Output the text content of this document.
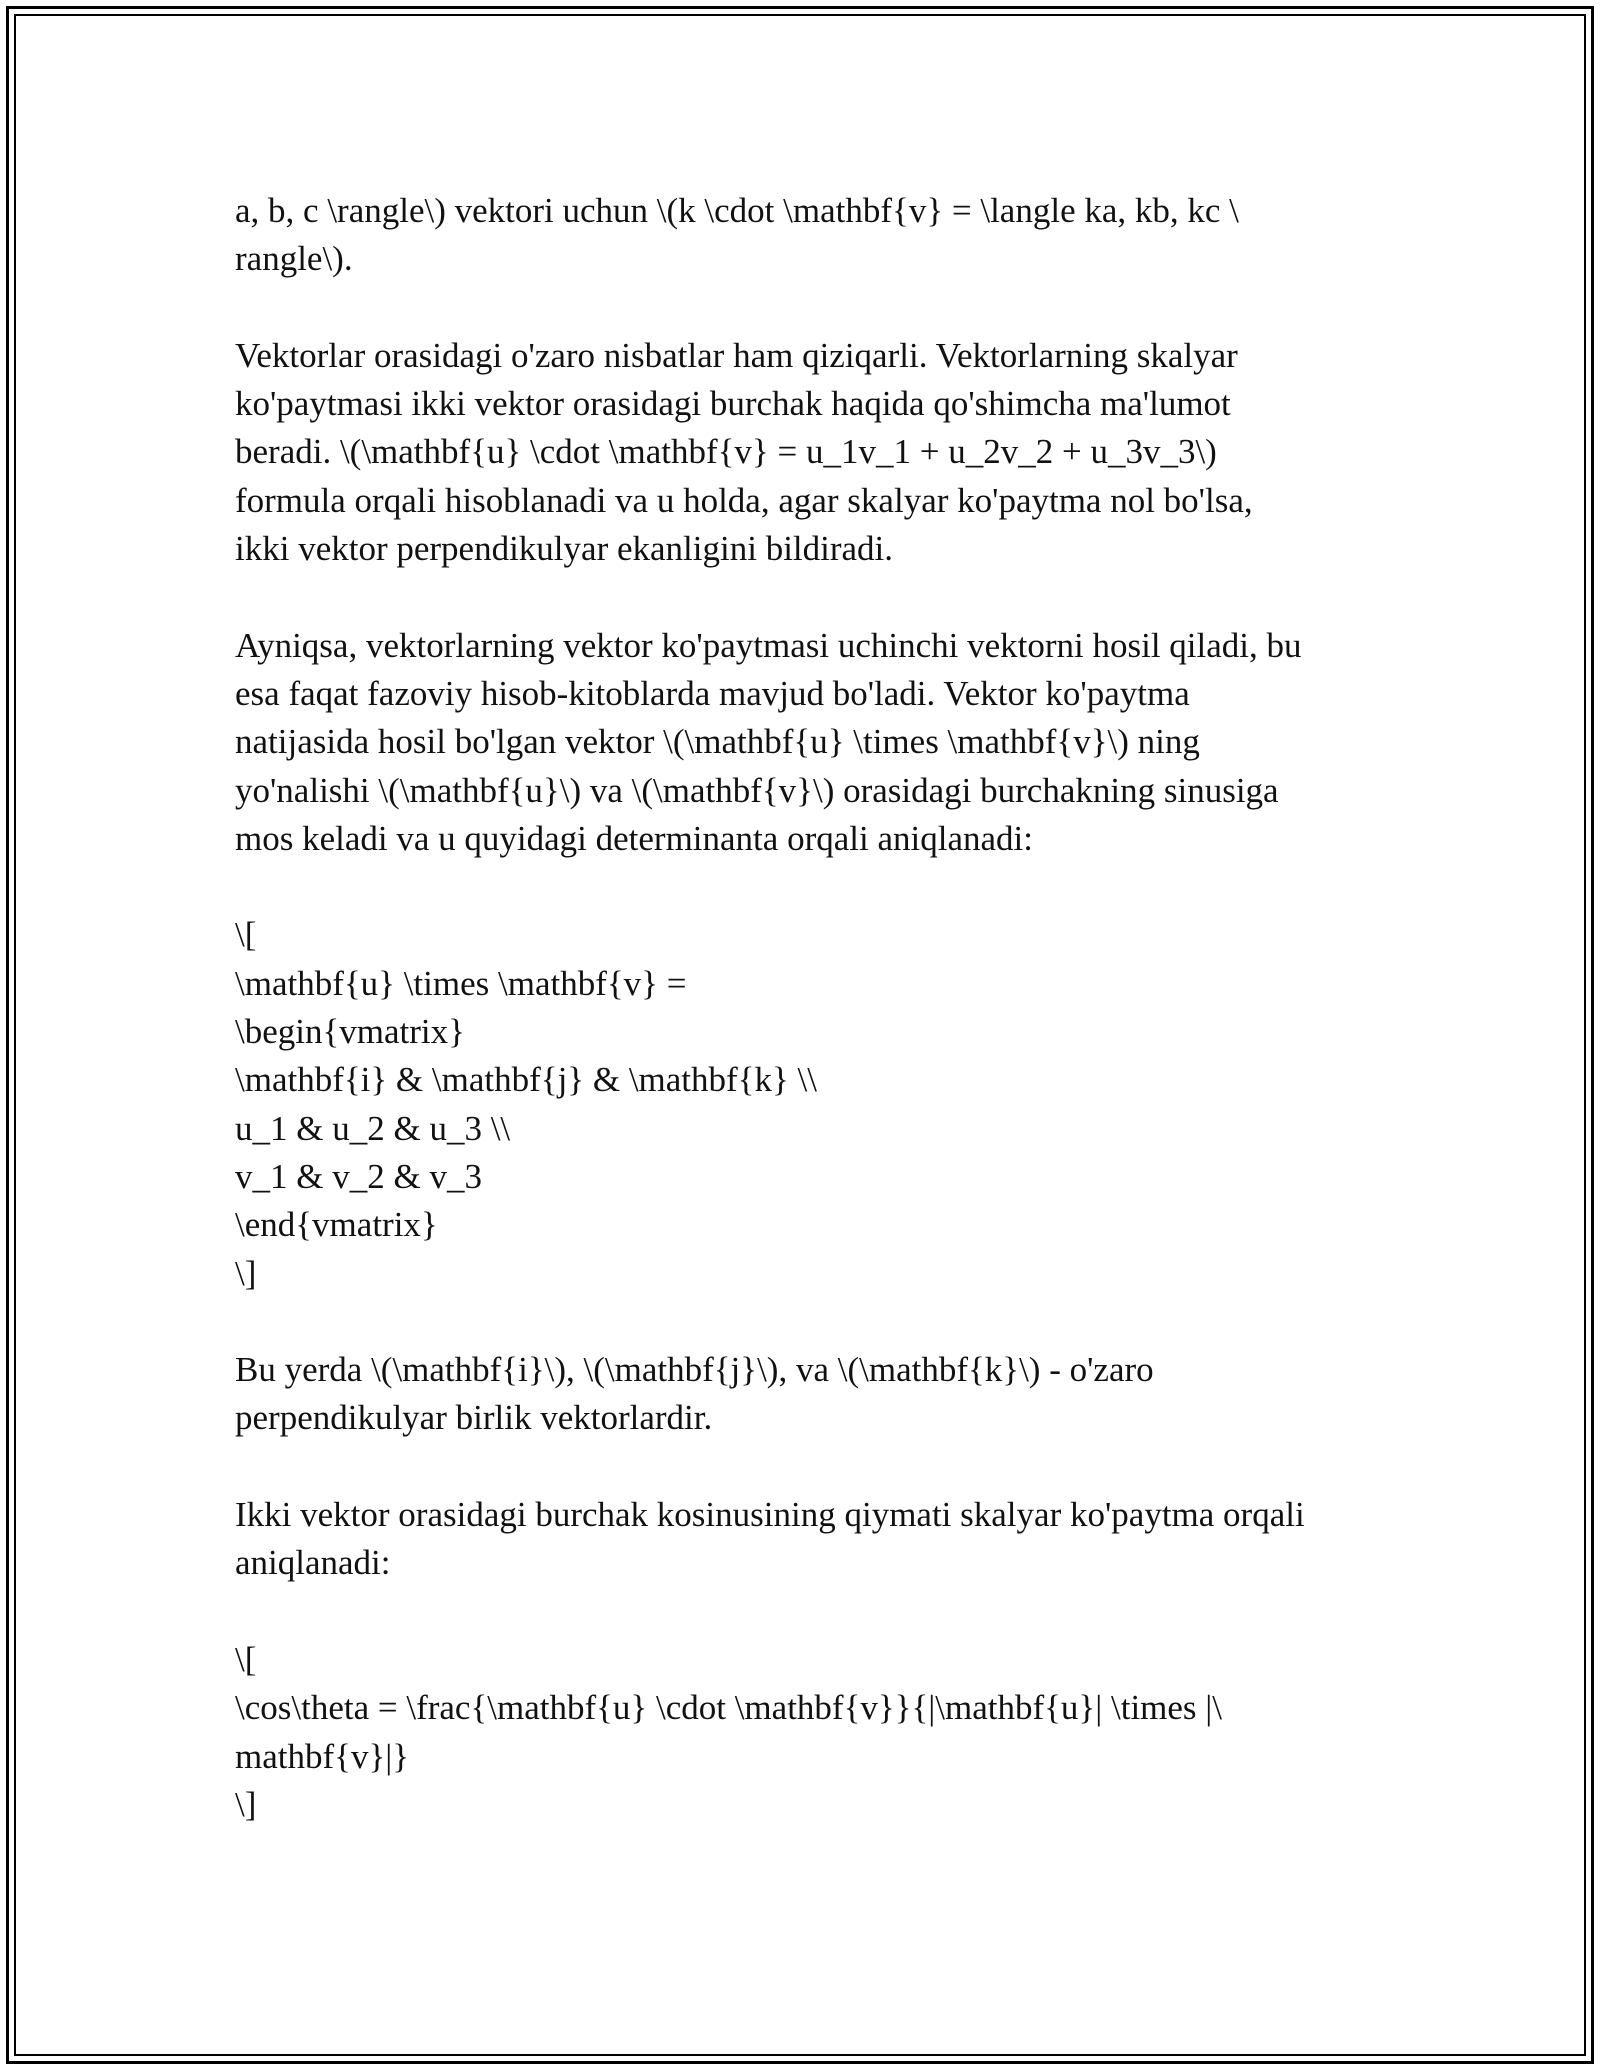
a, b, c \rangle\) vektori uchun \(k \cdot \mathbf{v} = \langle ka, kb, kc \
rangle\).
Vektorlar orasidagi o'zaro nisbatlar ham qiziqarli. Vektorlarning skalyar
ko'paytmasi ikki vektor orasidagi burchak haqida qo'shimcha ma'lumot
beradi. \(\mathbf{u} \cdot \mathbf{v} = u_1v_1 + u_2v_2 + u_3v_3\)
formula orqali hisoblanadi va u holda, agar skalyar ko'paytma nol bo'lsa,
ikki vektor perpendikulyar ekanligini bildiradi.
Ayniqsa, vektorlarning vektor ko'paytmasi uchinchi vektorni hosil qiladi, bu
esa faqat fazoviy hisob-kitoblarda mavjud bo'ladi. Vektor ko'paytma
natijasida hosil bo'lgan vektor \(\mathbf{u} \times \mathbf{v}\) ning
yo'nalishi \(\mathbf{u}\) va \(\mathbf{v}\) orasidagi burchakning sinusiga
mos keladi va u quyidagi determinanta orqali aniqlanadi:
\[
\mathbf{u} \times \mathbf{v} =
\begin{vmatrix}
\mathbf{i} & \mathbf{j} & \mathbf{k} \\
u_1 & u_2 & u_3 \\
v_1 & v_2 & v_3
\end{vmatrix}
\]
Bu yerda \(\mathbf{i}\), \(\mathbf{j}\), va \(\mathbf{k}\) - o'zaro
perpendikulyar birlik vektorlardir.
Ikki vektor orasidagi burchak kosinusining qiymati skalyar ko'paytma orqali
aniqlanadi:
\[
\cos\theta = \frac{\mathbf{u} \cdot \mathbf{v}}{|\mathbf{u}| \times |\
mathbf{v}|}
\]
